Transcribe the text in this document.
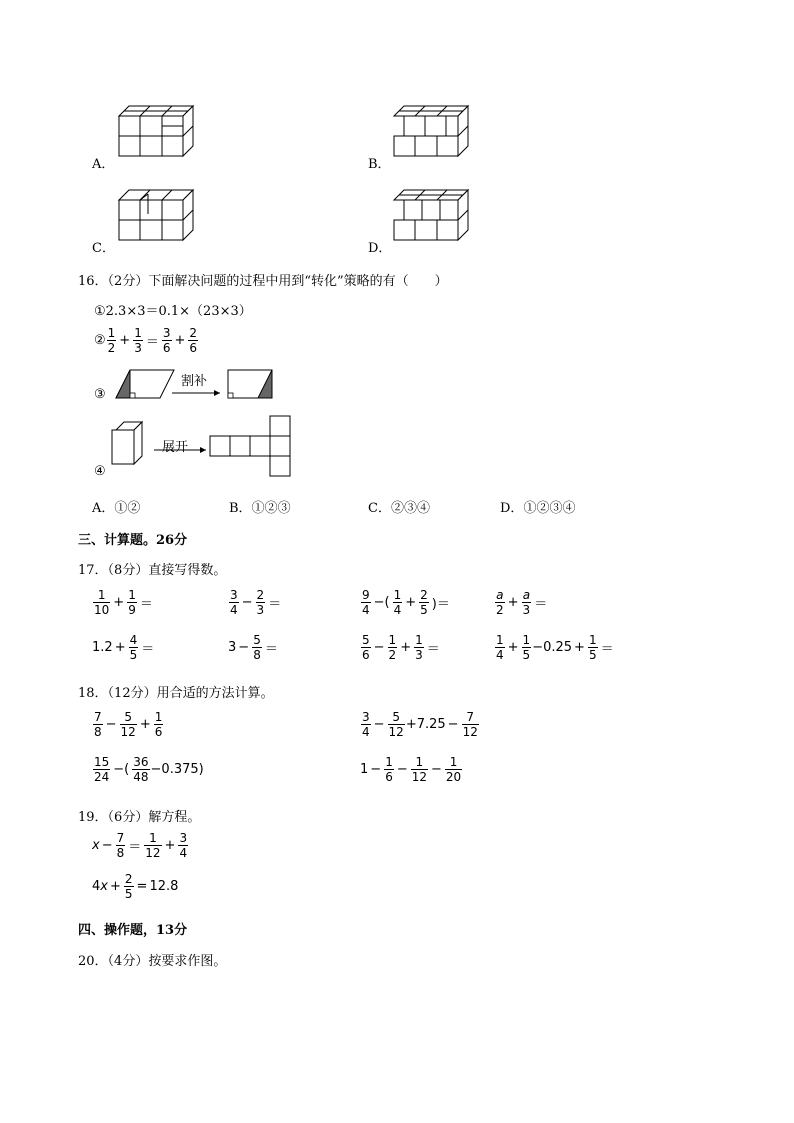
A．	B．
C．	D．
16．（2分）下面解决问题的过程中用到“转化”策略的有（　　）
①2.3×3＝0.1×（23×3）
② $\frac{1}{2} + \frac{1}{3} = \frac{3}{6} + \frac{2}{6}$
③
割补
④
展开
A．①②	B．①②③	C．②③④	D．①②③④
三、计算题。26分
17．（8分）直接写得数。
$\frac{1}{10} + \frac{1}{9}$ ＝	$\frac{3}{4} - \frac{2}{3}$ ＝	$\frac{9}{4}$ −( $\frac{1}{4} + \frac{2}{5}$ )＝	$\frac{a}{2} + \frac{a}{3}$ ＝
$1.2 + \frac{4}{5}$ ＝	$3 - \frac{5}{8}$ ＝	$\frac{5}{6} - \frac{1}{2} + \frac{1}{3}$ ＝	$\frac{1}{4} + \frac{1}{5} -0.25 + \frac{1}{5}$ ＝
18．（12分）用合适的方法计算。
$\frac{7}{8} - \frac{5}{12} + \frac{1}{6}$	$\frac{3}{4} - \frac{5}{12} +7.25 - \frac{7}{12}$
$\frac{15}{24}$ −( $\frac{36}{48} -0.375$)	$1 - \frac{1}{6} - \frac{1}{12} - \frac{1}{20}$
19．（6分）解方程。
$x - \frac{7}{8} = \frac{1}{12} + \frac{3}{4}$
4 $x + \frac{2}{5} = 12.8$
四、操作题，13分
20．（4分）按要求作图。
